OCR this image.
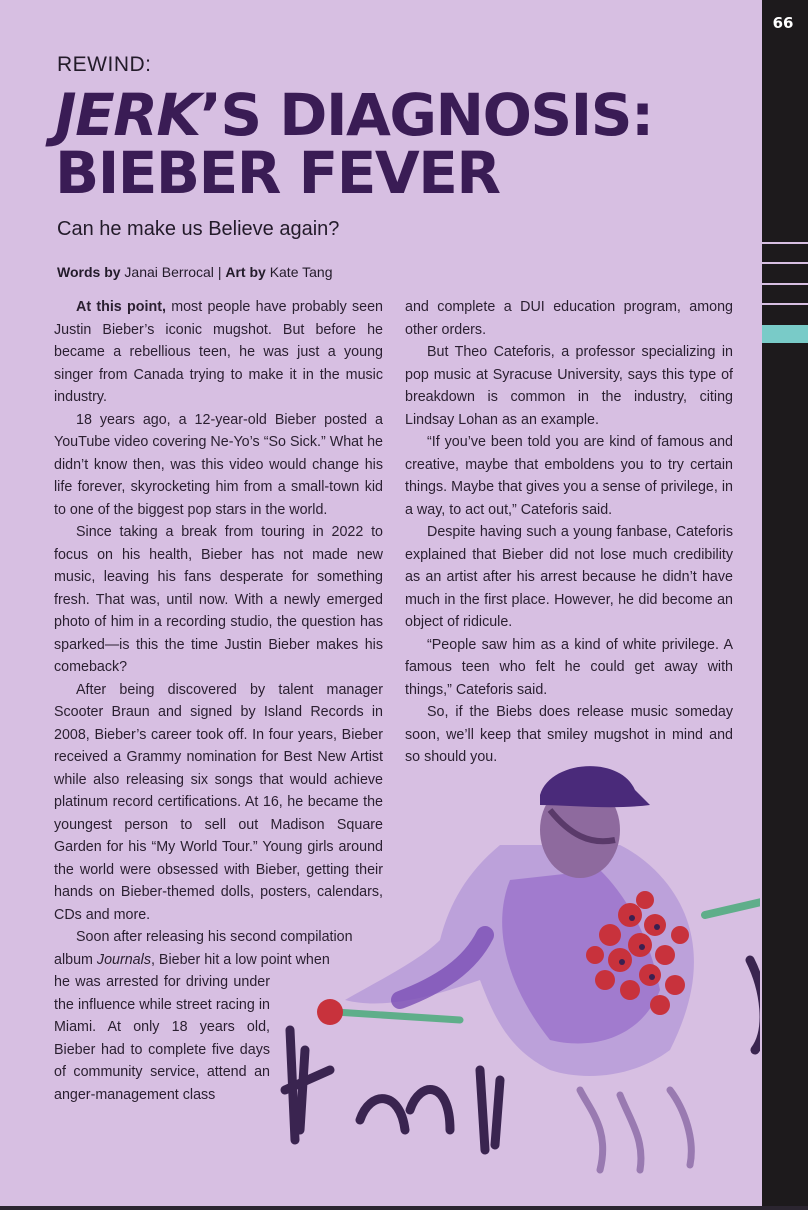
66
REWIND:
JERK’S DIAGNOSIS:
BIEBER FEVER
Can he make us Believe again?
Words by Janai Berrocal | Art by Kate Tang

At this point, most people have probably seen Justin Bieber’s iconic mugshot. But before he became a rebellious teen, he was just a young singer from Canada trying to make it in the music industry.

18 years ago, a 12-year-old Bieber posted a YouTube video covering Ne-Yo’s “So Sick.” What he didn’t know then, was this video would change his life forever, skyrocketing him from a small-town kid to one of the biggest pop stars in the world.

Since taking a break from touring in 2022 to focus on his health, Bieber has not made new music, leaving his fans desperate for something fresh. That was, until now. With a newly emerged photo of him in a recording studio, the question has sparked—is this the time Justin Bieber makes his comeback?

After being discovered by talent manager Scooter Braun and signed by Island Records in 2008, Bieber’s career took off. In four years, Bieber received a Grammy nomination for Best New Artist while also releasing six songs that would achieve platinum record certifications. At 16, he became the youngest person to sell out Madison Square Garden for his “My World Tour.” Young girls around the world were obsessed with Bieber, getting their hands on Bieber-themed dolls, posters, calendars, CDs and more.

Soon after releasing his second compilation album Journals, Bieber hit a low point when

he was arrested for driving under the influence while street racing in Miami. At only 18 years old, Bieber had to complete five days of community service, attend an anger-management class

and complete a DUI education program, among other orders.

But Theo Cateforis, a professor specializing in pop music at Syracuse University, says this type of breakdown is common in the industry, citing Lindsay Lohan as an example.

“If you’ve been told you are kind of famous and creative, maybe that emboldens you to try certain things. Maybe that gives you a sense of privilege, in a way, to act out,” Cateforis said.

Despite having such a young fanbase, Cateforis explained that Bieber did not lose much credibility as an artist after his arrest because he didn’t have much in the first place. However, he did become an object of ridicule.

“People saw him as a kind of white privilege. A famous teen who felt he could get away with things,” Cateforis said.

So, if the Biebs does release music someday soon, we’ll keep that smiley mugshot in mind and so should you.
